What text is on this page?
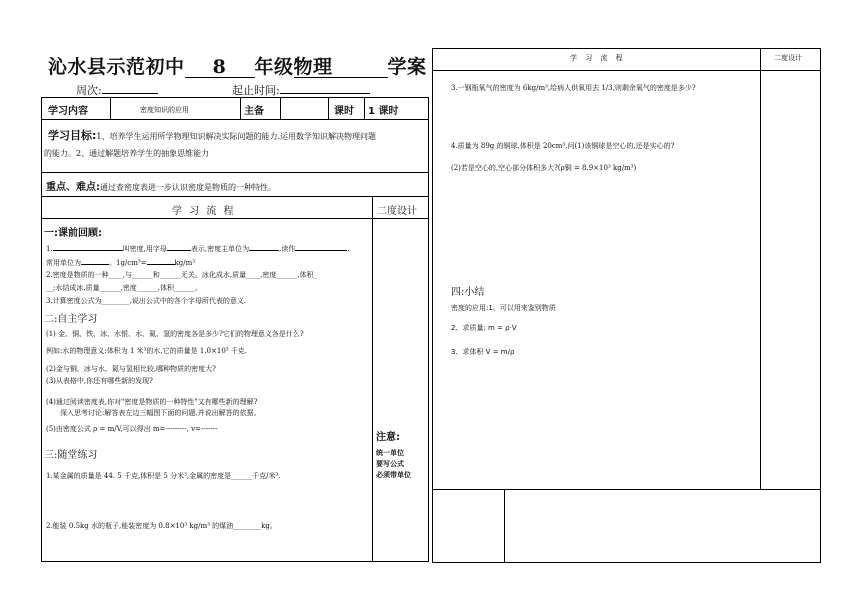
沁水县示范初中 8 年级物理	学案
周次:	起止时间:
学习内容	密度知识的应用	主备	课时 1 课时
学习目标:1、培养学生运用所学物理知识解决实际问题的能力.运用数学知识解决物理问题
的能力。2、通过解题培养学生的抽象思维能力
重点、难点:通过查密度表进一步认识密度是物质的一种特性。
学 习 流 程	二度设计
一:课前回顾:
1.	叫密度,用字母	表示,密度主单位为	,读作	,
常用单位为	。1g/cm³=	kg/m³
2.密度是物质的一种____,与______和______无关。冰化成水,质量____,密度______,体积_
__;水结成冰,质量______,密度______,体积______。
3.计算密度公式为________,说出公式中的各个字母所代表的意义.
二:自主学习
(1) 金、铜、铁、冰、水银、水、氦、氢的密度各是多少?它们的物理意义各是什么?
例如:水的物理意义:体积为 1 米³的水,它的质量是 1.0×10³ 千克.
(2)金与铜、冰与水、氦与氢相比较,哪种物质的密度大?
(3)从表格中,你还有哪些新的发现?
(4)通过阅读密度表,你对"密度是物质的一种特性"又有哪些新的理解?
深入思考讨论:解答表左边三幅图下面的问题,并说出解答的依据。
(5)由密度公式 ρ = m/V,可以得出 m=---------, v=-------
三:随堂练习
1.某金属的质量是 44. 5 千克,体积是 5 分米³,金属的密度是______千克/米³.
2.能装 0.5kg 水的瓶子,能装密度为 0.8×10³ kg/m³ 的煤油________kg。
注意:
统一单位
要写公式
必须带单位
学 习 流 程	二度设计
3.一钢瓶氧气的密度为 6kg/m³,给病人供氧用去 1/3,则剩余氧气的密度是多少?
4.质量为 89g 的铜球,体积是 20cm³,问(1)该铜球是空心的,还是实心的?
(2)若是空心的,空心部分体积多大?(ρ铜 = 8.9×10³ kg/m³)
四:小结
密度的应用:1、可以用来鉴别物质
2、求质量: m = ρ·V
3、求体积 V = m/ρ
